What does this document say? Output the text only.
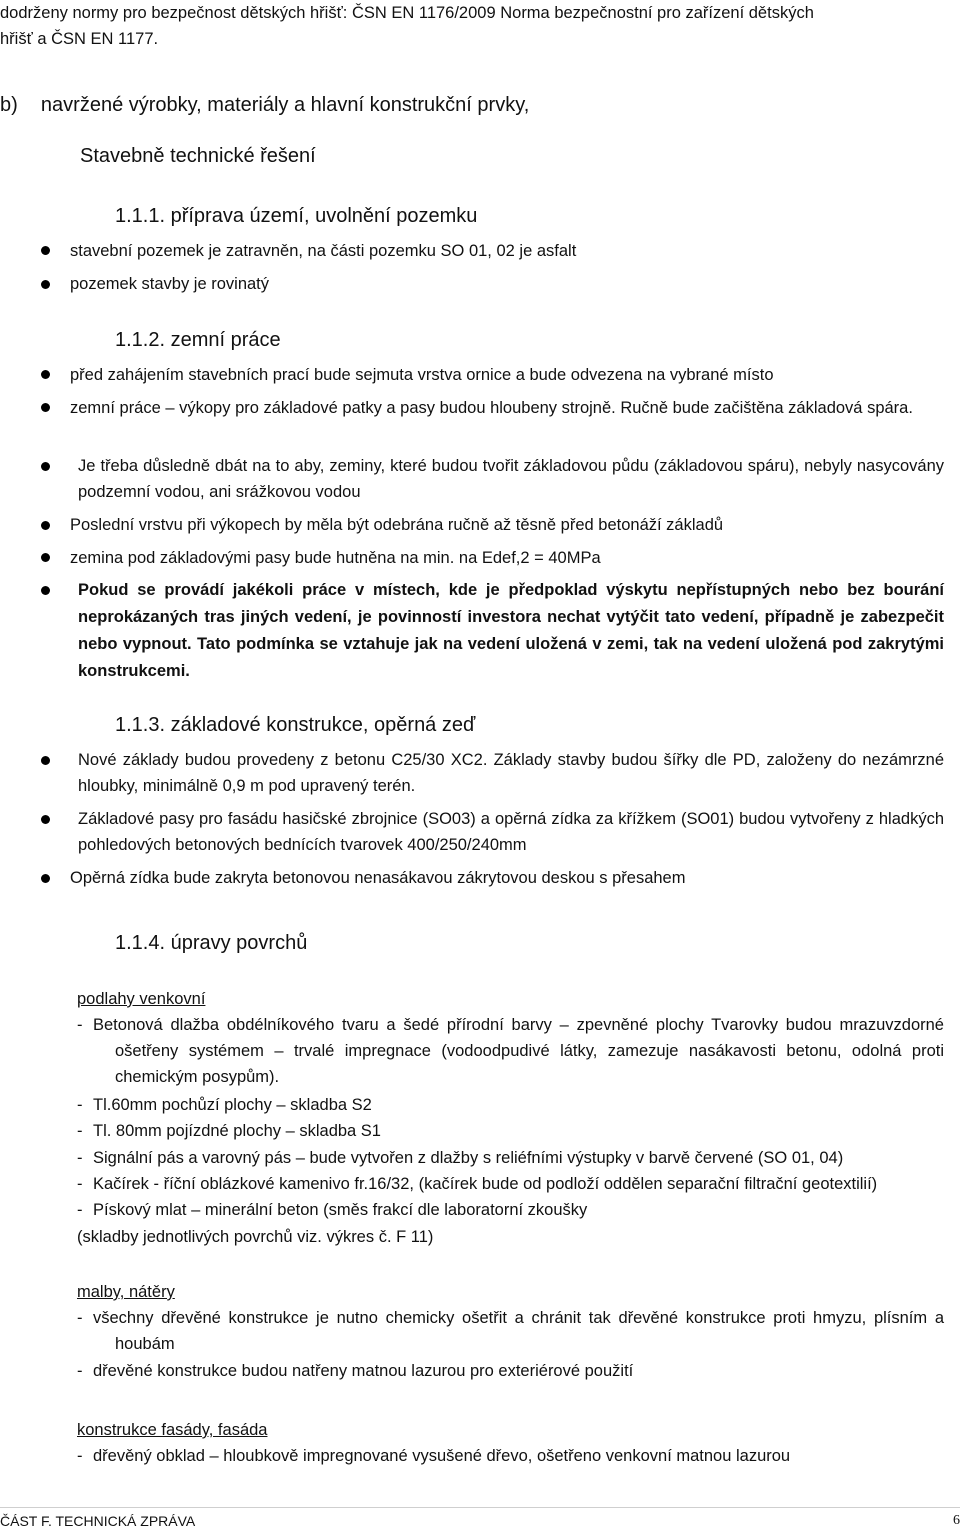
dodrženy normy pro bezpečnost dětských hřišť: ČSN EN 1176/2009 Norma bezpečnostní pro zařízení dětských
hřišť a ČSN EN 1177.
b) navržené výrobky, materiály a hlavní konstrukční prvky,
Stavebně technické řešení
1.1.1. příprava území, uvolnění pozemku
stavební pozemek je zatravněn, na části pozemku SO 01, 02 je asfalt
pozemek stavby je rovinatý
1.1.2. zemní práce
před zahájením stavebních prací bude sejmuta vrstva ornice a bude odvezena na vybrané místo
zemní práce – výkopy pro základové patky a pasy budou hloubeny strojně. Ručně bude začištěna základová spára.
Je třeba důsledně dbát na to aby, zeminy, které budou tvořit základovou půdu (základovou spáru), nebyly nasycovány podzemní vodou, ani srážkovou vodou
Poslední vrstvu při výkopech by měla být odebrána ručně až těsně před betonáží základů
zemina pod základovými pasy bude hutněna na min. na Edef,2 = 40MPa
Pokud se provádí jakékoli práce v místech, kde je předpoklad výskytu nepřístupných nebo bez bourání neprokázaných tras jiných vedení, je povinností investora nechat vytýčit tato vedení, případně je zabezpečit nebo vypnout. Tato podmínka se vztahuje jak na vedení uložená v zemi, tak na vedení uložená pod zakrytými konstrukcemi.
1.1.3. základové konstrukce, opěrná zeď
Nové základy budou provedeny z betonu C25/30 XC2. Základy stavby budou šířky dle PD, založeny do nezámrzné hloubky, minimálně 0,9 m pod upravený terén.
Základové pasy pro fasádu hasičské zbrojnice (SO03) a opěrná zídka za křížkem (SO01) budou vytvořeny z hladkých pohledových betonových bednících tvarovek 400/250/240mm
Opěrná zídka bude zakryta betonovou nenasákavou zákrytovou deskou s přesahem
1.1.4. úpravy povrchů
podlahy venkovní
- Betonová dlažba obdélníkového tvaru a šedé přírodní barvy – zpevněné plochy Tvarovky budou mrazuvzdorné ošetřeny systémem – trvalé impregnace (vodoodpudivé látky, zamezuje nasákavosti betonu, odolná proti chemickým posypům).
- Tl.60mm pochůzí plochy – skladba S2
- Tl. 80mm pojízdné plochy – skladba S1
- Signální pás a varovný pás – bude vytvořen z dlažby s reliéfními výstupky v barvě červené (SO 01, 04)
- Kačírek - říční oblázkové kamenivo fr.16/32, (kačírek bude od podloží oddělen separační filtrační geotextilií)
- Pískový mlat – minerální beton (směs frakcí dle laboratorní zkoušky
(skladby jednotlivých povrchů viz. výkres č. F 11)
malby, nátěry
- všechny dřevěné konstrukce je nutno chemicky ošetřit a chránit tak dřevěné konstrukce proti hmyzu, plísním a houbám
- dřevěné konstrukce budou natřeny matnou lazurou pro exteriérové použití
konstrukce fasády, fasáda
- dřevěný obklad – hloubkově impregnované vysušené dřevo, ošetřeno venkovní matnou lazurou
ČÁST F. TECHNICKÁ ZPRÁVA	6
